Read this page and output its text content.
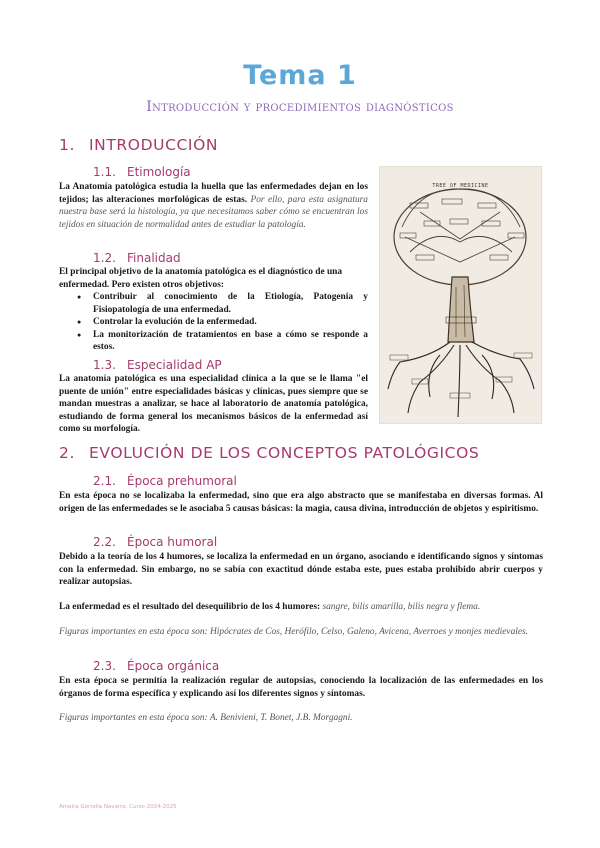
Tema 1
Introducción y procedimientos diagnósticos
1. INTRODUCCIÓN
1.1. Etimología
La Anatomía patológica estudia la huella que las enfermedades dejan en los tejidos; las alteraciones morfológicas de estas. Por ello, para esta asignatura nuestra base será la histología, ya que necesitamos saber cómo se encuentran los tejidos en situación de normalidad antes de estudiar la patología.
1.2. Finalidad
El principal objetivo de la anatomía patológica es el diagnóstico de una enfermedad. Pero existen otros objetivos:
● Contribuir al conocimiento de la Etiología, Patogenia y Fisiopatología de una enfermedad.
● Controlar la evolución de la enfermedad.
● La monitorización de tratamientos en base a cómo se responde a estos.
1.3. Especialidad AP
La anatomía patológica es una especialidad clínica a la que se le llama "el puente de unión" entre especialidades básicas y clínicas, pues siempre que se mandan muestras a analizar, se hace al laboratorio de anatomía patológica, estudiando de forma general los mecanismos básicos de la enfermedad así como su morfología.
TREE OF MEDICINE
2. EVOLUCIÓN DE LOS CONCEPTOS PATOLÓGICOS
2.1. Época prehumoral
En esta época no se localizaba la enfermedad, sino que era algo abstracto que se manifestaba en diversas formas. Al origen de las enfermedades se le asociaba 5 causas básicas: la magia, causa divina, introducción de objetos y espiritismo.
2.2. Época humoral
Debido a la teoría de los 4 humores, se localiza la enfermedad en un órgano, asociando e identificando signos y síntomas con la enfermedad. Sin embargo, no se sabía con exactitud dónde estaba este, pues estaba prohibido abrir cuerpos y realizar autopsias.
La enfermedad es el resultado del desequilibrio de los 4 humores: sangre, bilis amarilla, bilis negra y flema.
Figuras importantes en esta época son: Hipócrates de Cos, Herófilo, Celso, Galeno, Avicena, Averroes y monjes medievales.
2.3. Época orgánica
En esta época se permitía la realización regular de autopsias, conociendo la localización de las enfermedades en los órganos de forma específica y explicando así los diferentes signos y síntomas.
Figuras importantes en esta época son: A. Benivieni, T. Bonet, J.B. Morgagni.
Amaira Gorrella Navarro. Curso 2024-2025
